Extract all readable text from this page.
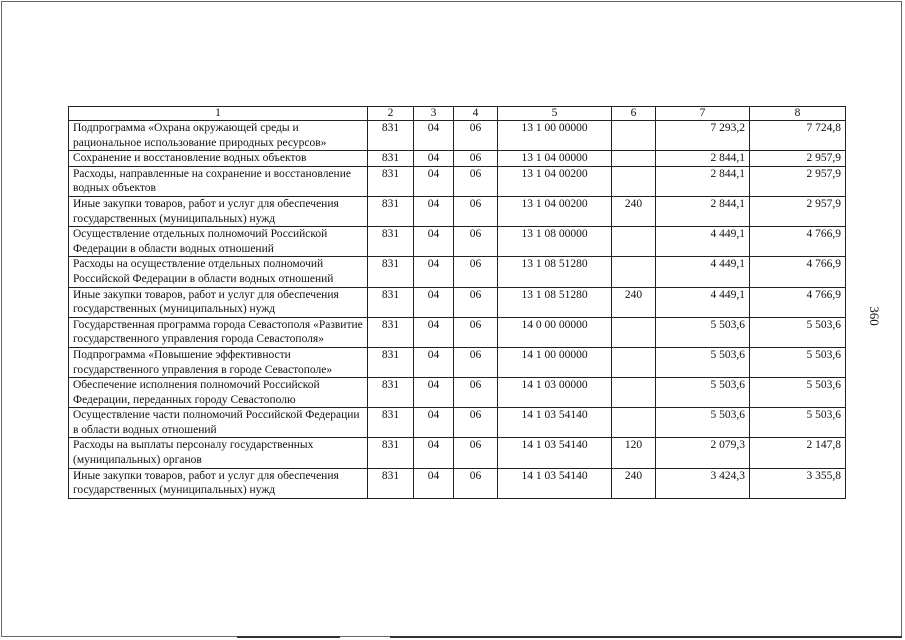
1	2	3	4	5	6	7	8
Подпрограмма «Охрана окружающей среды и рациональное использование природных ресурсов»	831	04	06	13 1 00 00000		7 293,2	7 724,8
Сохранение и восстановление водных объектов	831	04	06	13 1 04 00000		2 844,1	2 957,9
Расходы, направленные на сохранение и восстановление водных объектов	831	04	06	13 1 04 00200		2 844,1	2 957,9
Иные закупки товаров, работ и услуг для обеспечения государственных (муниципальных) нужд	831	04	06	13 1 04 00200	240	2 844,1	2 957,9
Осуществление отдельных полномочий Российской Федерации в области водных отношений	831	04	06	13 1 08 00000		4 449,1	4 766,9
Расходы на осуществление отдельных полномочий Российской Федерации в области водных отношений	831	04	06	13 1 08 51280		4 449,1	4 766,9
Иные закупки товаров, работ и услуг для обеспечения государственных (муниципальных) нужд	831	04	06	13 1 08 51280	240	4 449,1	4 766,9
Государственная программа города Севастополя «Развитие государственного управления города Севастополя»	831	04	06	14 0 00 00000		5 503,6	5 503,6
Подпрограмма «Повышение эффективности государственного управления в городе Севастополе»	831	04	06	14 1 00 00000		5 503,6	5 503,6
Обеспечение исполнения полномочий Российской Федерации, переданных городу Севастополю	831	04	06	14 1 03 00000		5 503,6	5 503,6
Осуществление части полномочий Российской Федерации в области водных отношений	831	04	06	14 1 03 54140		5 503,6	5 503,6
Расходы на выплаты персоналу государственных (муниципальных) органов	831	04	06	14 1 03 54140	120	2 079,3	2 147,8
Иные закупки товаров, работ и услуг для обеспечения государственных (муниципальных) нужд	831	04	06	14 1 03 54140	240	3 424,3	3 355,8
360
